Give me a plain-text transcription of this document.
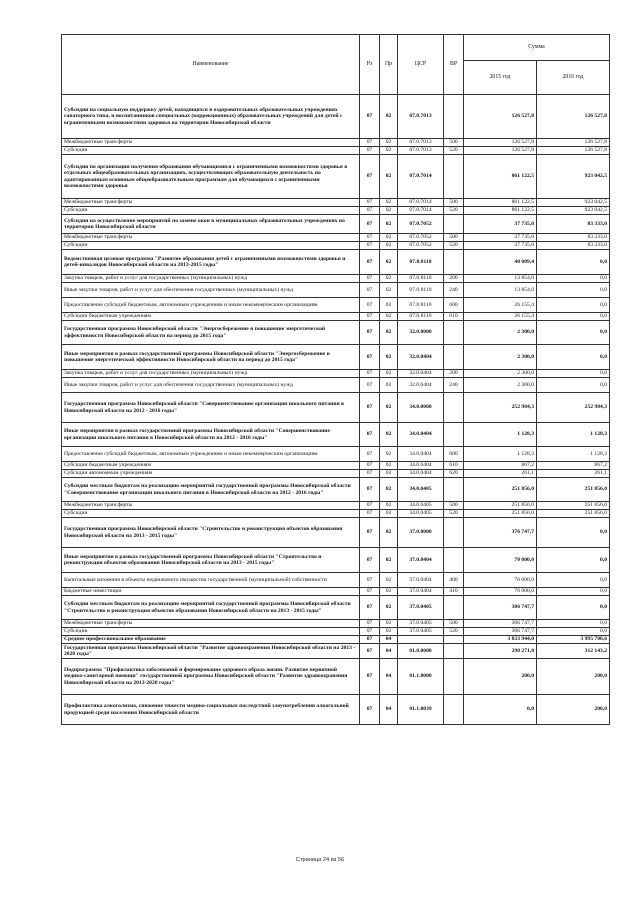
Наименование	Рз	Пр	ЦСР	ВР	Сумма	
					2015 год	2016 год
Субсидии на социальную поддержку детей, находящихся в оздоровительных образовательных учреждениях санаторного типа, и воспитанников специальных (коррекционных) образовательных учреждений для детей с ограниченными возможностями здоровья на территории Новосибирской области	07	02	07.0.7013		126 527,8	126 527,8
Межбюджетные трансферты	07	02	07.0.7013	500	126 527,8	126 527,8
Субсидии	07	02	07.0.7013	520	126 527,8	126 527,8
Субсидии по организации получения образования обучающимися с ограниченными возможностями здоровья в отдельных общеобразовательных организациях, осуществляющих образовательную деятельность по адаптированным основным общеобразовательным программам для обучающихся с ограниченными возможностями здоровья	07	02	07.0.7014		861 122,5	923 042,5
Межбюджетные трансферты	07	02	07.0.7014	500	861 122,5	923 042,5
Субсидии	07	02	07.0.7014	520	861 122,5	923 042,5
Субсидии на осуществление мероприятий по замене окон в муниципальных образовательных учреждениях на территории Новосибирской области	07	02	07.0.7052		37 735,0	83 333,0
Межбюджетные трансферты	07	02	07.0.7052	500	37 735,0	83 333,0
Субсидии	07	02	07.0.7052	520	37 735,0	83 333,0
Ведомственная целевая программа "Развитие образования детей с ограниченными возможностями здоровья и детей-инвалидов Новосибирской области на 2013-2015 годы"	07	02	07.0.8110		40 009,4	0,0
Закупка товаров, работ и услуг для государственных (муниципальных) нужд	07	02	07.0.8110	200	13 854,0	0,0
Иные закупки товаров, работ и услуг для обеспечения государственных (муниципальных) нужд	07	02	07.0.8110	240	13 854,0	0,0
Предоставление субсидий бюджетным, автономным учреждениям и иным некоммерческим организациям	07	02	07.0.8110	600	26 155,4	0,0
Субсидии бюджетным учреждениям	07	02	07.0.8110	610	26 155,4	0,0
Государственная программа Новосибирской области "Энергосбережение и повышение энергетической эффективности Новосибирской области на период до 2015 года"	07	02	32.0.0000		2 300,0	0,0
Иные мероприятия в рамках государственной программы Новосибирской области "Энергосбережение и повышение энергетической эффективности Новосибирской области на период до 2015 года"	07	02	32.0.0404		2 300,0	0,0
Закупка товаров, работ и услуг для государственных (муниципальных) нужд	07	02	32.0.0404	200	2 300,0	0,0
Иные закупки товаров, работ и услуг для обеспечения государственных (муниципальных) нужд	07	02	32.0.0404	240	2 300,0	0,0
Государственная программа Новосибирской области "Совершенствование организации школьного питания в Новосибирской области на 2012 - 2016 годы"	07	02	34.0.0000		252 984,3	252 984,3
Иные мероприятия в рамках государственной программы Новосибирской области "Совершенствование организации школьного питания в Новосибирской области на 2012 - 2016 годы"	07	02	34.0.0404		1 128,3	1 128,3
Предоставление субсидий бюджетным, автономным учреждениям и иным некоммерческим организациям	07	02	34.0.0404	600	1 128,3	1 128,3
Субсидии бюджетным учреждениям	07	02	34.0.0404	610	867,2	867,2
Субсидии автономным учреждениям	07	02	34.0.0404	620	261,1	261,1
Субсидии местным бюджетам на реализацию мероприятий государственной программы Новосибирской области "Совершенствование организации школьного питания в Новосибирской области на 2012 - 2016 годы"	07	02	34.0.0405		251 856,0	251 856,0
Межбюджетные трансферты	07	02	34.0.0405	500	251 856,0	251 856,0
Субсидии	07	02	34.0.0405	520	251 856,0	251 856,0
Государственная программа Новосибирской области "Строительство и реконструкция объектов образования Новосибирской области на 2013 - 2015 годы"	07	02	37.0.0000		376 747,7	0,0
Иные мероприятия в рамках государственной программы Новосибирской области "Строительство и реконструкция объектов образования Новосибирской области на 2013 - 2015 годы"	07	02	37.0.0404		70 000,0	0,0
Капитальные вложения в объекты недвижимого имущества государственной (муниципальной) собственности	07	02	37.0.0404	400	70 000,0	0,0
Бюджетные инвестиции	07	02	37.0.0404	410	70 000,0	0,0
Субсидии местным бюджетам на реализацию мероприятий государственной программы Новосибирской области "Строительство и реконструкция объектов образования Новосибирской области на 2013 - 2015 годы"	07	02	37.0.0405		306 747,7	0,0
Межбюджетные трансферты	07	02	37.0.0405	500	306 747,7	0,0
Субсидии	07	02	37.0.0405	520	306 747,7	0,0
Среднее профессиональное образование	07	04			3 833 944,0	3 995 708,6
Государственная программа Новосибирской области "Развитие здравоохранения Новосибирской области на 2013 - 2020 годы"	07	04	01.0.0000		298 271,8	312 143,2
Подпрограмма "Профилактика заболеваний и формирование здорового образа жизни. Развитие первичной медико-санитарной помощи" государственной программы Новосибирской области "Развитие здравоохранения Новосибирской области на 2013-2020 годы"	07	04	01.1.0000		200,0	200,0
Профилактика алкоголизма, снижение тяжести медико-социальных последствий злоупотребления алкогольной продукцией среди населения Новосибирской области	07	04	01.1.0039		0,0	200,0
Страница 24 из 56
